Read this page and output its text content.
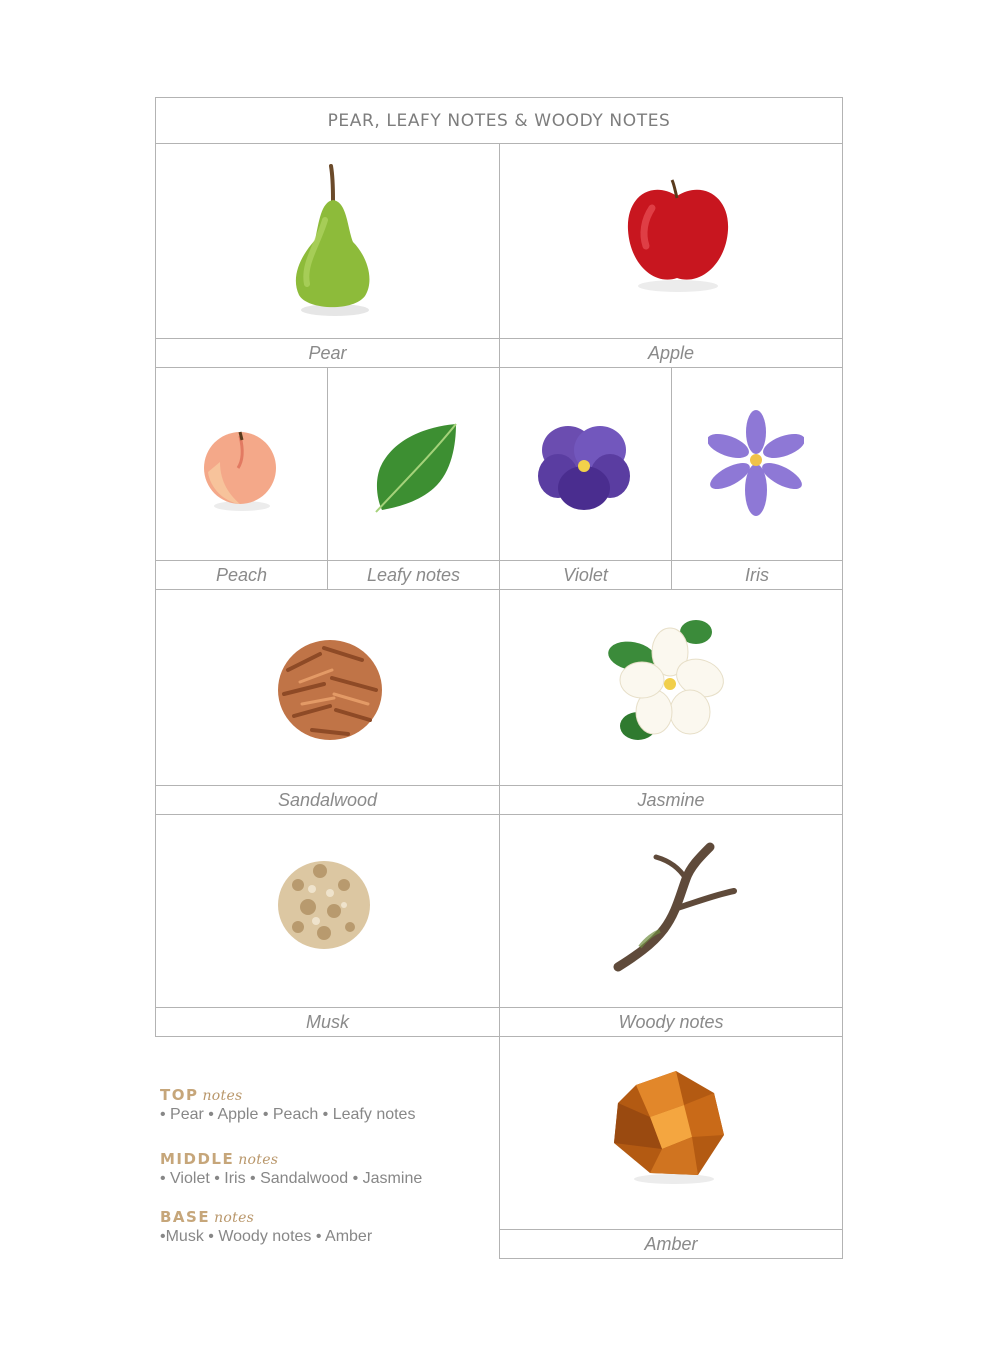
PEAR, LEAFY NOTES & WOODY NOTES
Pear	Apple
Peach	Leafy notes	Violet	Iris
Sandalwood	Jasmine
Musk	Woody notes
TOP notes
• Pear • Apple • Peach • Leafy notes
MIDDLE notes
• Violet • Iris • Sandalwood • Jasmine
BASE notes
•Musk • Woody notes • Amber	Amber
